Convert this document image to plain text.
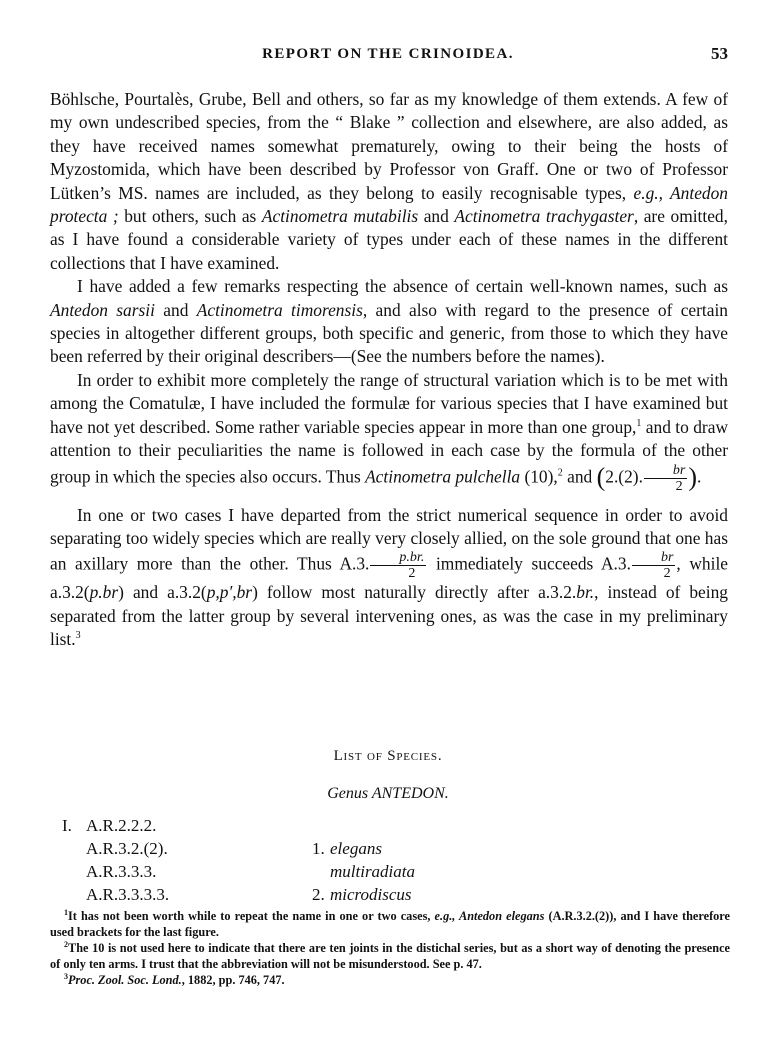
REPORT ON THE CRINOIDEA.	53

Böhlsche, Pourtalès, Grube, Bell and others, so far as my knowledge of them extends. A few of my own undescribed species, from the “ Blake ” collection and elsewhere, are also added, as they have received names somewhat prematurely, owing to their being the hosts of Myzostomida, which have been described by Professor von Graff. One or two of Professor Lütken’s MS. names are included, as they belong to easily recognisable types, e.g., Antedon protecta ; but others, such as Actinometra mutabilis and Actinometra trachygaster, are omitted, as I have found a considerable variety of types under each of these names in the different collections that I have examined.

I have added a few remarks respecting the absence of certain well-known names, such as Antedon sarsii and Actinometra timorensis, and also with regard to the presence of certain species in altogether different groups, both specific and generic, from those to which they have been referred by their original describers—(See the numbers before the names).

In order to exhibit more completely the range of structural variation which is to be met with among the Comatulæ, I have included the formulæ for various species that I have examined but have not yet described. Some rather variable species appear in more than one group,$^1$ and to draw attention to their peculiarities the name is followed in each case by the formula of the other group in which the species also occurs. Thus Actinometra pulchella (10),$^2$ and (2.(2). $\frac{br}{2}$ ).

In one or two cases I have departed from the strict numerical sequence in order to avoid separating too widely species which are really very closely allied, on the sole ground that one has an axillary more than the other. Thus A.3. $\frac{p.br.}{2}$ immediately succeeds A.3. $\frac{br}{2}$ , while a.3.2(p.br) and a.3.2(p,p′,br) follow most naturally directly after a.3.2.br., instead of being separated from the latter group by several intervening ones, as was the case in my preliminary list.$^3$

List of Species.
Genus ANTEDON.
I. A.R.2.2.2.
A.R.3.2.(2).	1. elegans
A.R.3.3.3.	multiradiata
A.R.3.3.3.3.	2. microdiscus

$^1$It has not been worth while to repeat the name in one or two cases, e.g., Antedon elegans (A.R.3.2.(2)), and I have therefore used brackets for the last figure.

$^2$The 10 is not used here to indicate that there are ten joints in the distichal series, but as a short way of denoting the presence of only ten arms. I trust that the abbreviation will not be misunderstood. See p. 47.

$^3$Proc. Zool. Soc. Lond., 1882, pp. 746, 747.
